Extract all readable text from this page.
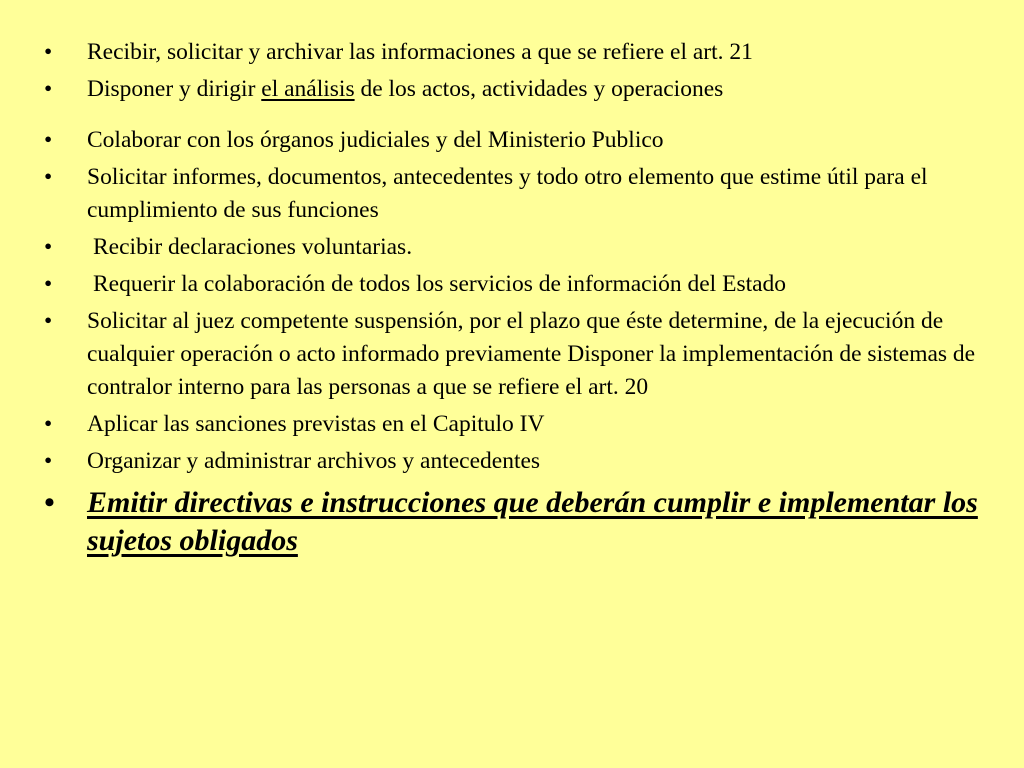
•	Recibir, solicitar y archivar las informaciones a que se refiere el art. 21
•	Disponer y dirigir el análisis de los actos, actividades y operaciones
•	Colaborar con los órganos judiciales y del Ministerio Publico
•	Solicitar informes, documentos, antecedentes y todo otro elemento que estime útil para el cumplimiento de sus funciones
•	Recibir declaraciones voluntarias.
•	Requerir la colaboración de todos los servicios de información del Estado
•	Solicitar al juez competente suspensión, por el plazo que éste determine, de la ejecución de cualquier operación o acto informado previamente Disponer la implementación de sistemas de contralor interno para las personas a que se refiere el art. 20
•	Aplicar las sanciones previstas en el Capitulo IV
•	Organizar y administrar archivos y antecedentes
•	Emitir directivas e instrucciones que deberán cumplir e implementar los sujetos obligados
